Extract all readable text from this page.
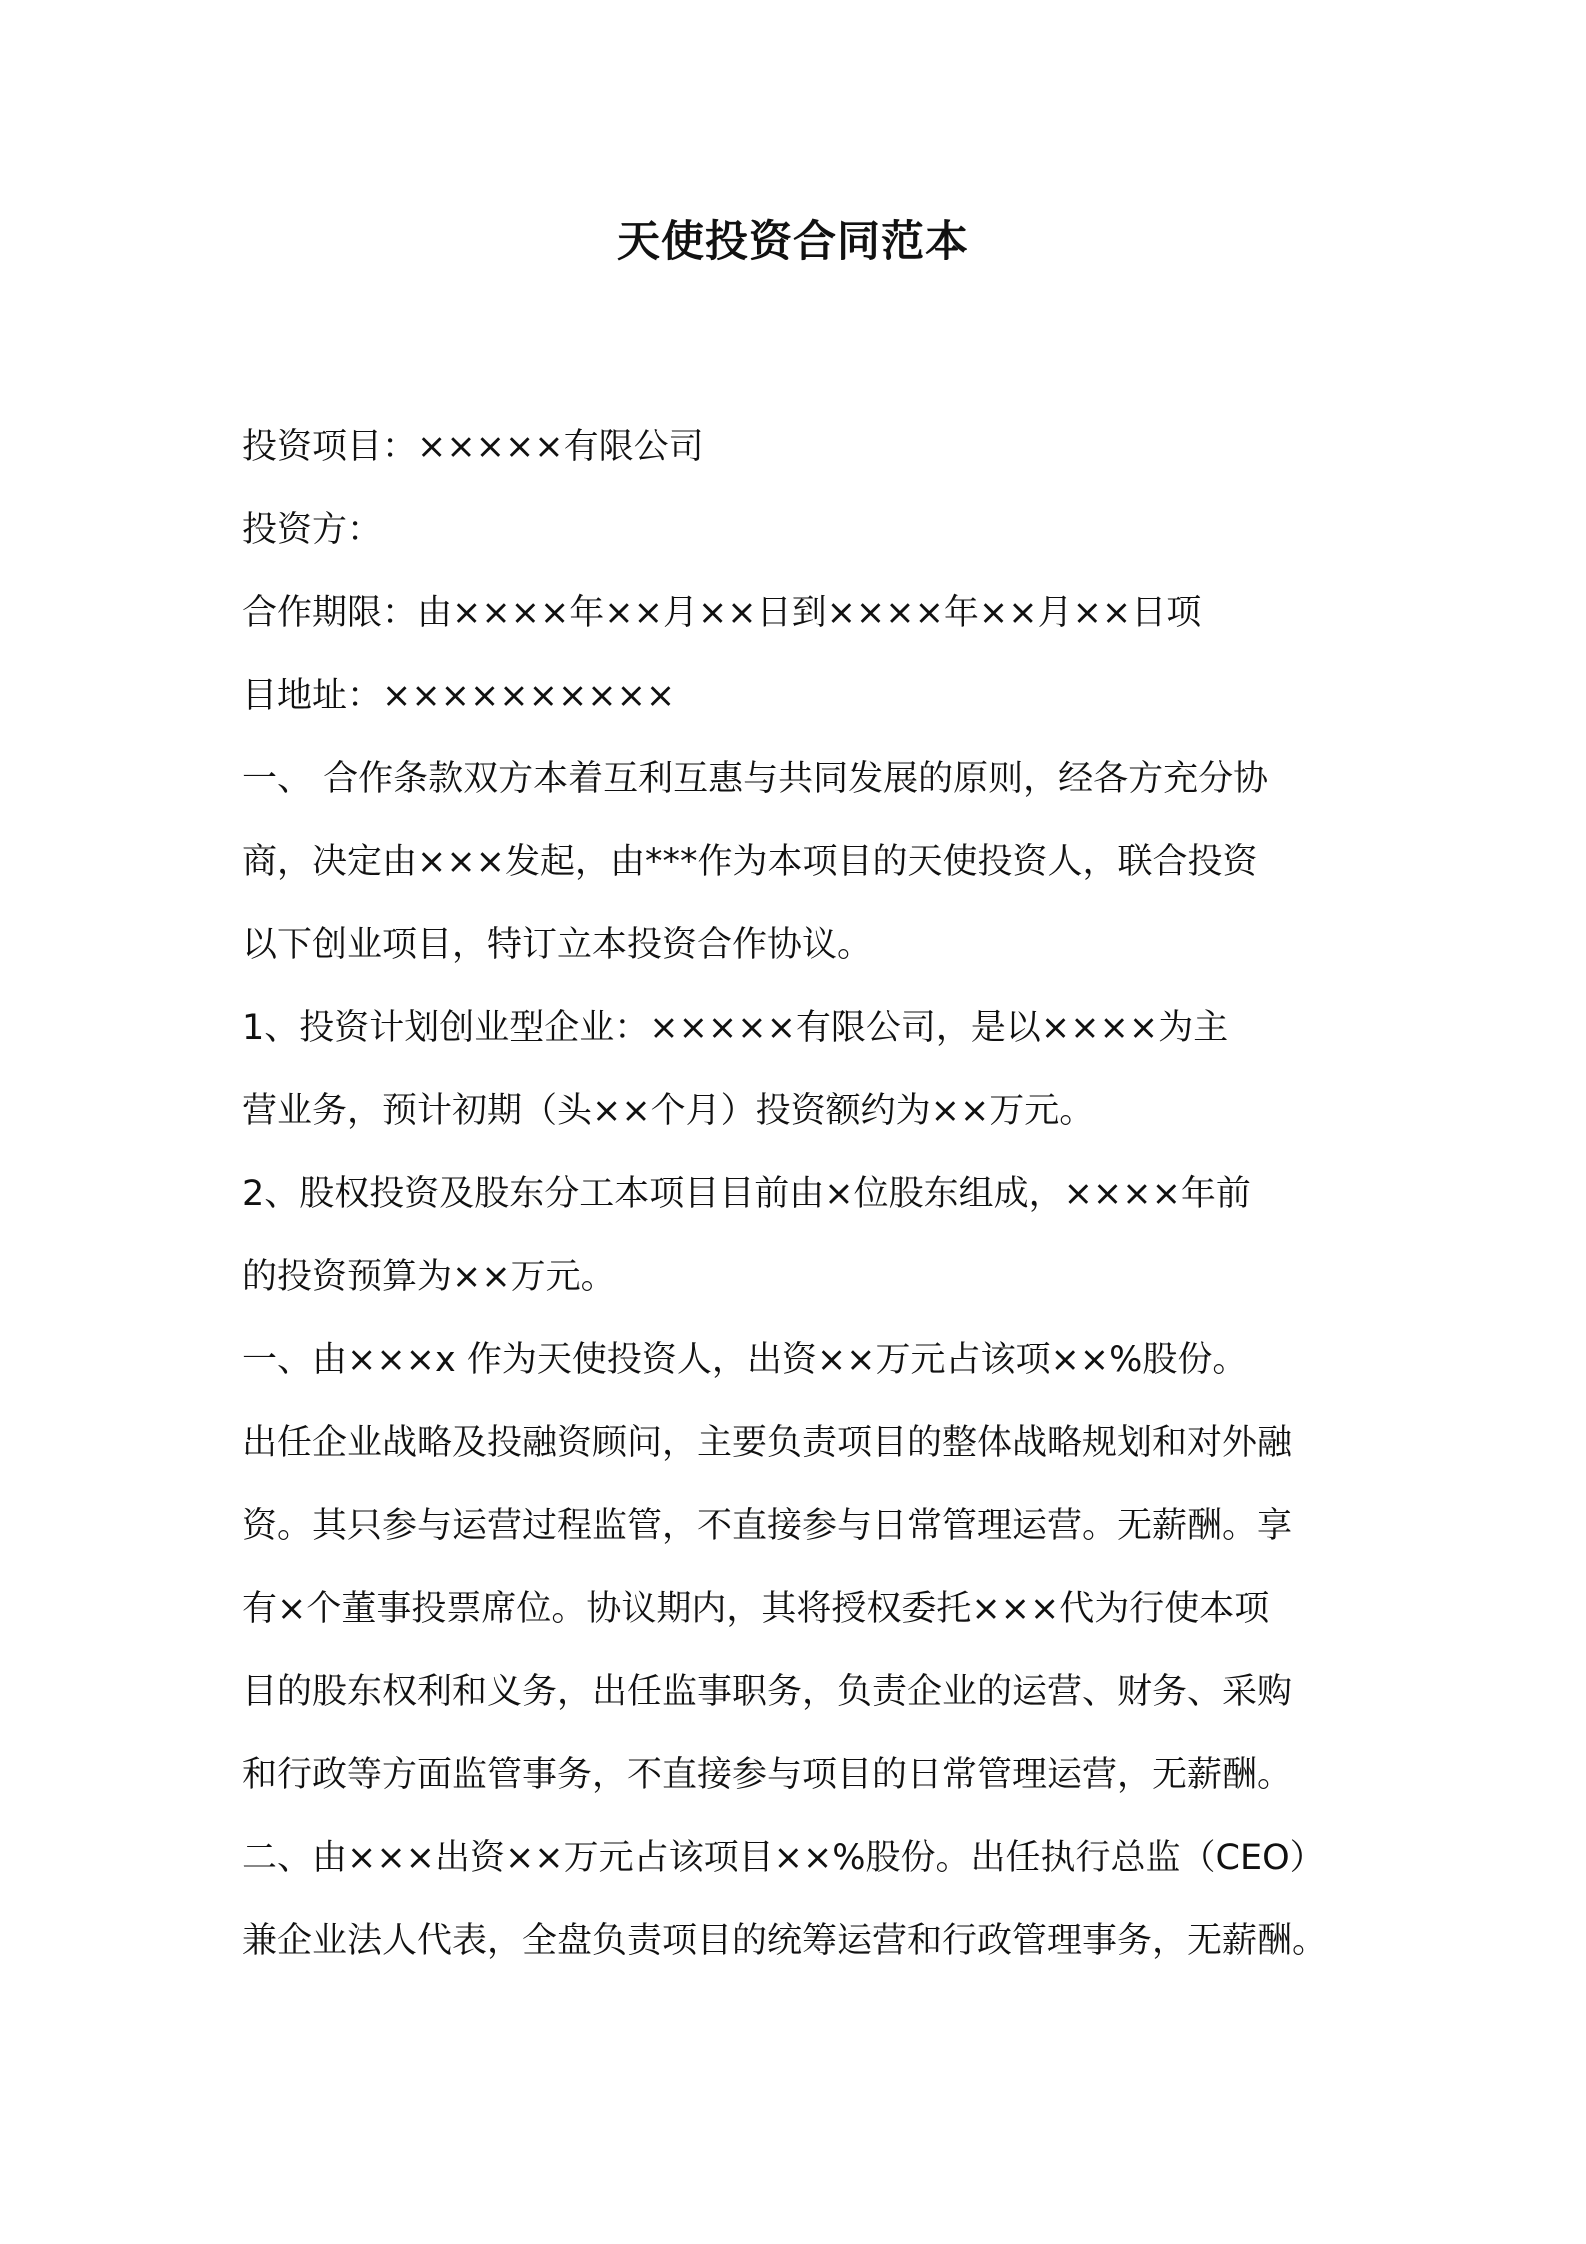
天使投资合同范本
投资项目：×××××有限公司
投资方：
合作期限：由××××年××月××日到××××年××月××日项
目地址：××××××××××
一、 合作条款双方本着互利互惠与共同发展的原则，经各方充分协
商，决定由×××发起，由***作为本项目的天使投资人，联合投资
以下创业项目，特订立本投资合作协议。
1、投资计划创业型企业：×××××有限公司，是以××××为主
营业务，预计初期（头××个月）投资额约为××万元。
2、股权投资及股东分工本项目目前由×位股东组成，××××年前
的投资预算为××万元。
一、由×××x 作为天使投资人，出资××万元占该项××%股份。
出任企业战略及投融资顾问，主要负责项目的整体战略规划和对外融
资。其只参与运营过程监管，不直接参与日常管理运营。无薪酬。享
有×个董事投票席位。协议期内，其将授权委托×××代为行使本项
目的股东权利和义务，出任监事职务，负责企业的运营、财务、采购
和行政等方面监管事务，不直接参与项目的日常管理运营，无薪酬。
二、由×××出资××万元占该项目××%股份。出任执行总监（CEO）
兼企业法人代表，全盘负责项目的统筹运营和行政管理事务，无薪酬。
